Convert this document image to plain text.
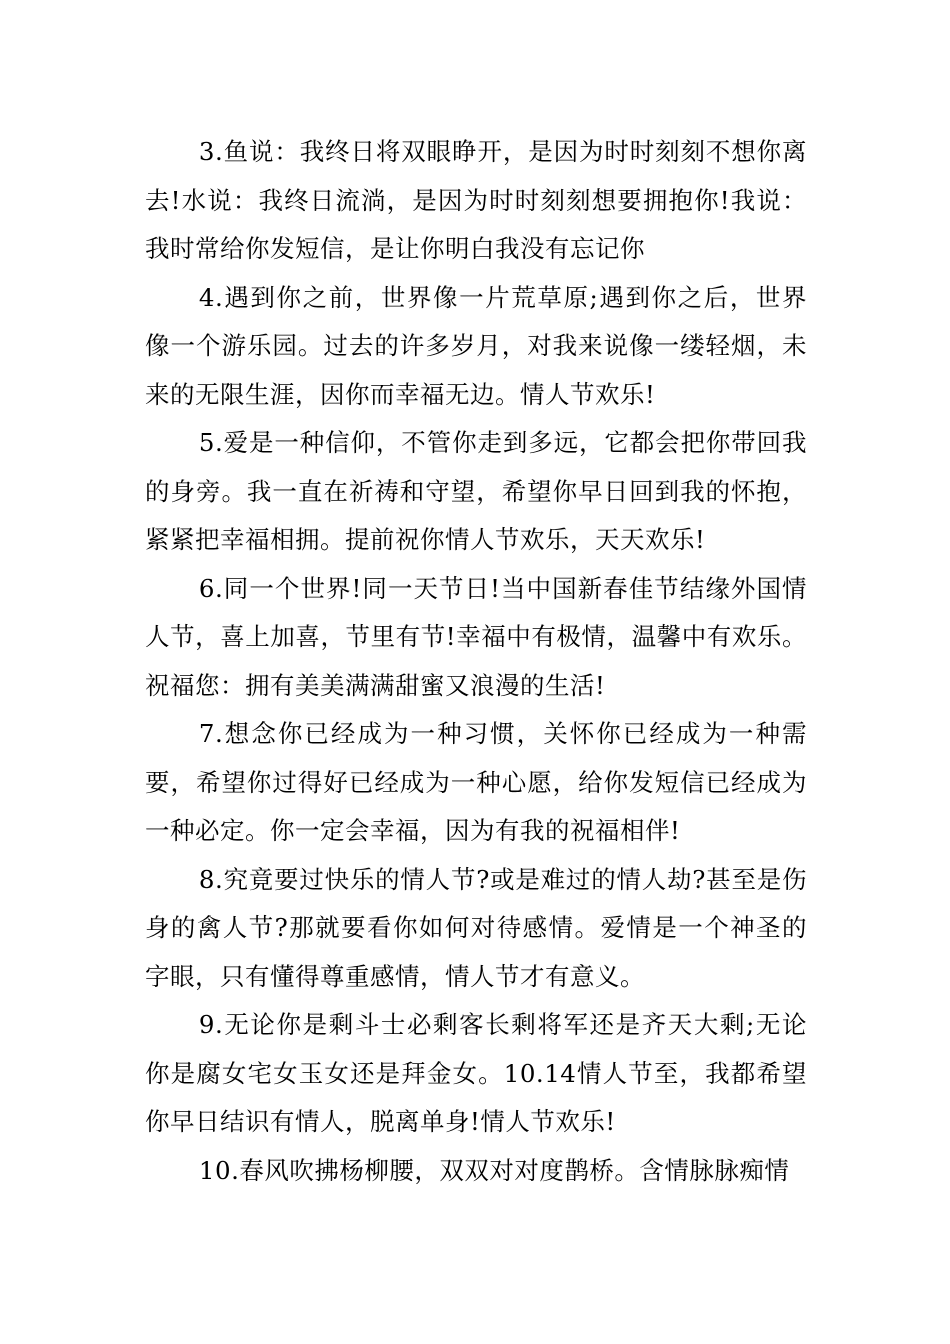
3.鱼说：我终日将双眼睁开，是因为时时刻刻不想你离去!水说：我终日流淌，是因为时时刻刻想要拥抱你!我说：我时常给你发短信，是让你明白我没有忘记你

4.遇到你之前，世界像一片荒草原;遇到你之后，世界像一个游乐园。过去的许多岁月，对我来说像一缕轻烟，未来的无限生涯，因你而幸福无边。情人节欢乐!

5.爱是一种信仰，不管你走到多远，它都会把你带回我的身旁。我一直在祈祷和守望，希望你早日回到我的怀抱，紧紧把幸福相拥。提前祝你情人节欢乐，天天欢乐!

6.同一个世界!同一天节日!当中国新春佳节结缘外国情人节，喜上加喜，节里有节!幸福中有极情，温馨中有欢乐。祝福您：拥有美美满满甜蜜又浪漫的生活!

7.想念你已经成为一种习惯，关怀你已经成为一种需要，希望你过得好已经成为一种心愿，给你发短信已经成为一种必定。你一定会幸福，因为有我的祝福相伴!

8.究竟要过快乐的情人节?或是难过的情人劫?甚至是伤身的禽人节?那就要看你如何对待感情。爱情是一个神圣的字眼，只有懂得尊重感情，情人节才有意义。

9.无论你是剩斗士必剩客长剩将军还是齐天大剩;无论你是腐女宅女玉女还是拜金女。10.14情人节至，我都希望你早日结识有情人，脱离单身!情人节欢乐!

10.春风吹拂杨柳腰，双双对对度鹊桥。含情脉脉痴情
